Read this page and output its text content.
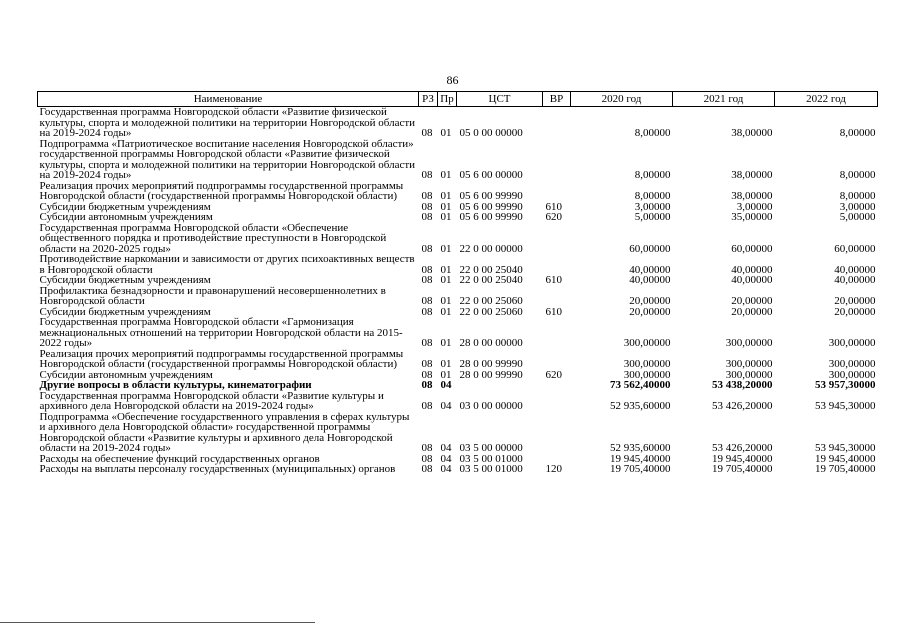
86
Наименование	РЗ	Пр	ЦСТ	ВР	2020 год	2021 год	2022 год
Государственная программа Новгородской области «Развитие физической культуры, спорта и молодежной политики на территории Новгородской области на 2019-2024 годы»	08	01	05 0 00 00000		8,00000	38,00000	8,00000
Подпрограмма «Патриотическое воспитание населения Новгородской области» государственной программы Новгородской области «Развитие физической культуры, спорта и молодежной политики на территории Новгородской области на 2019-2024 годы»	08	01	05 6 00 00000		8,00000	38,00000	8,00000
Реализация прочих мероприятий подпрограммы государственной программы Новгородской области (государственной программы Новгородской области)	08	01	05 6 00 99990		8,00000	38,00000	8,00000
Субсидии бюджетным учреждениям	08	01	05 6 00 99990	610	3,00000	3,00000	3,00000
Субсидии автономным учреждениям	08	01	05 6 00 99990	620	5,00000	35,00000	5,00000
Государственная программа Новгородской области «Обеспечение общественного порядка и противодействие преступности в Новгородской области на 2020-2025 годы»	08	01	22 0 00 00000		60,00000	60,00000	60,00000
Противодействие наркомании и зависимости от других психоактивных веществ в Новгородской области	08	01	22 0 00 25040		40,00000	40,00000	40,00000
Субсидии бюджетным учреждениям	08	01	22 0 00 25040	610	40,00000	40,00000	40,00000
Профилактика безнадзорности и правонарушений несовершеннолетних в Новгородской области	08	01	22 0 00 25060		20,00000	20,00000	20,00000
Субсидии бюджетным учреждениям	08	01	22 0 00 25060	610	20,00000	20,00000	20,00000
Государственная программа Новгородской области «Гармонизация межнациональных отношений на территории Новгородской области на 2015-2022 годы»	08	01	28 0 00 00000		300,00000	300,00000	300,00000
Реализация прочих мероприятий подпрограммы государственной программы Новгородской области (государственной программы Новгородской области)	08	01	28 0 00 99990		300,00000	300,00000	300,00000
Субсидии автономным учреждениям	08	01	28 0 00 99990	620	300,00000	300,00000	300,00000
Другие вопросы в области культуры, кинематографии	08	04			73 562,40000	53 438,20000	53 957,30000
Государственная программа Новгородской области «Развитие культуры и архивного дела Новгородской области на 2019-2024 годы»	08	04	03 0 00 00000		52 935,60000	53 426,20000	53 945,30000
Подпрограмма «Обеспечение государственного управления в сферах культуры и архивного дела Новгородской области» государственной программы Новгородской области «Развитие культуры и архивного дела Новгородской области на 2019-2024 годы»	08	04	03 5 00 00000		52 935,60000	53 426,20000	53 945,30000
Расходы на обеспечение функций государственных органов	08	04	03 5 00 01000		19 945,40000	19 945,40000	19 945,40000
Расходы на выплаты персоналу государственных (муниципальных) органов	08	04	03 5 00 01000	120	19 705,40000	19 705,40000	19 705,40000
